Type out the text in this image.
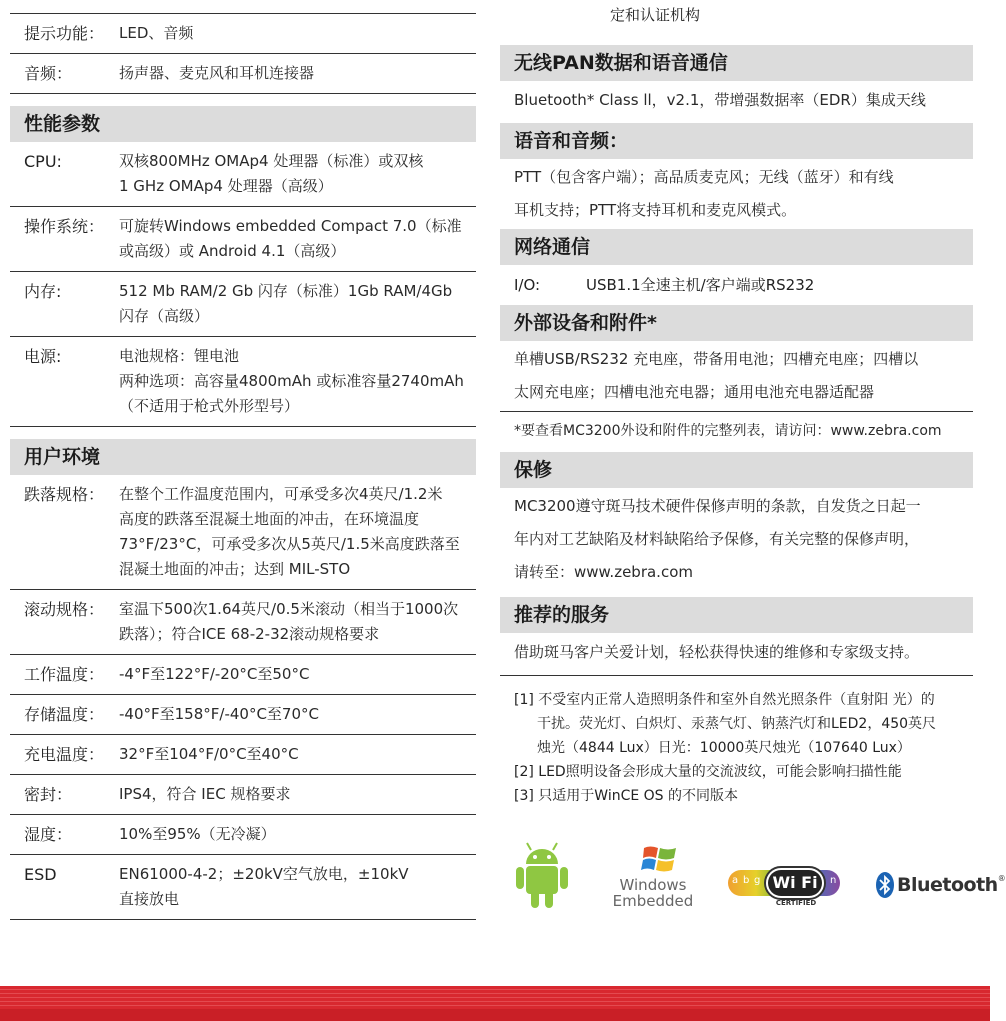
提示功能： LED、音频
音频：	扬声器、麦克风和耳机连接器
性能参数
CPU:	双核800MHz OMAp4 处理器（标准）或双核
1 GHz OMAp4 处理器（高级）
操作系统： 可旋转Windows embedded Compact 7.0（标准
或高级）或 Android 4.1（高级）
内存:	512 Mb RAM/2 Gb 闪存（标准）1Gb RAM/4Gb
闪存（高级）
电源:	电池规格：锂电池
两种选项：高容量4800mAh 或标准容量2740mAh
（不适用于枪式外形型号）
用户环境
跌落规格： 在整个工作温度范围内，可承受多次4英尺/1.2米
高度的跌落至混凝土地面的冲击，在环境温度
73°F/23°C，可承受多次从5英尺/1.5米高度跌落至
混凝土地面的冲击；达到 MIL-STO
滚动规格： 室温下500次1.64英尺/0.5米滚动（相当于1000次
跌落）；符合ICE 68-2-32滚动规格要求
工作温度： -4°F至122°F/-20°C至50°C
存储温度： -40°F至158°F/-40°C至70°C
充电温度： 32°F至104°F/0°C至40°C
密封：	IPS4，符合 IEC 规格要求
湿度：	10%至95%（无冷凝）
ESD	EN61000-4-2；±20kV空气放电，±10kV
直接放电
定和认证机构
无线PAN数据和语音通信
Bluetooth* Class ll，v2.1，带增强数据率（EDR）集成天线
语音和音频：
PTT（包含客户端）；高品质麦克风；无线（蓝牙）和有线
耳机支持；PTT将支持耳机和麦克风模式。
网络通信
I/O:	USB1.1全速主机/客户端或RS232
外部设备和附件*
单槽USB/RS232 充电座，带备用电池；四槽充电座；四槽以
太网充电座；四槽电池充电器；通用电池充电器适配器
*要查看MC3200外设和附件的完整列表，请访问：www.zebra.com
保修
MC3200遵守斑马技术硬件保修声明的条款，自发货之日起一
年内对工艺缺陷及材料缺陷给予保修，有关完整的保修声明，
请转至：www.zebra.com
推荐的服务
借助斑马客户关爱计划，轻松获得快速的维修和专家级支持。
[1] 不受室内正常人造照明条件和室外自然光照条件（直射阳 光）的
干扰。荧光灯、白炽灯、汞蒸气灯、钠蒸汽灯和LED2，450英尺
烛光（4844 Lux）日光：10000英尺烛光（107640 Lux）
[2] LED照明设备会形成大量的交流波纹，可能会影响扫描性能
[3] 只适用于WinCE OS 的不同版本
Windows
Embedded
a b g	n
Wi Fi
CERTIFIED
Bluetooth ®
